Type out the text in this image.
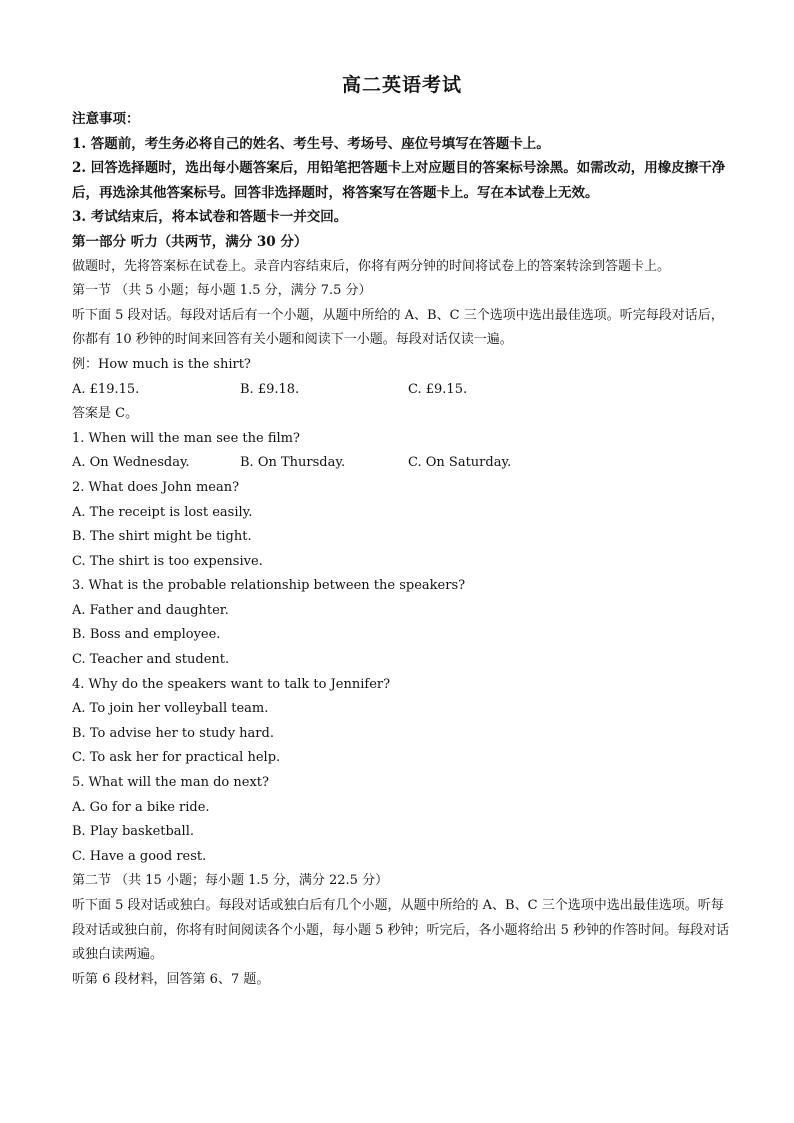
高二英语考试
注意事项：
1. 答题前，考生务必将自己的姓名、考生号、考场号、座位号填写在答题卡上。
2. 回答选择题时，选出每小题答案后，用铅笔把答题卡上对应题目的答案标号涂黑。如需改动，用橡皮擦干净后，再选涂其他答案标号。回答非选择题时，将答案写在答题卡上。写在本试卷上无效。
3. 考试结束后，将本试卷和答题卡一并交回。
第一部分 听力（共两节，满分 30 分）
做题时，先将答案标在试卷上。录音内容结束后，你将有两分钟的时间将试卷上的答案转涂到答题卡上。
第一节 （共 5 小题；每小题 1.5 分，满分 7.5 分）
听下面 5 段对话。每段对话后有一个小题，从题中所给的 A、B、C 三个选项中选出最佳选项。听完每段对话后，你都有 10 秒钟的时间来回答有关小题和阅读下一小题。每段对话仅读一遍。
例：How much is the shirt?
A. £19.15.	B. £9.18.	C. £9.15.
答案是 C。
1. When will the man see the film?
A. On Wednesday.	B. On Thursday.	C. On Saturday.
2. What does John mean?
A. The receipt is lost easily.
B. The shirt might be tight.
C. The shirt is too expensive.
3. What is the probable relationship between the speakers?
A. Father and daughter.
B. Boss and employee.
C. Teacher and student.
4. Why do the speakers want to talk to Jennifer?
A. To join her volleyball team.
B. To advise her to study hard.
C. To ask her for practical help.
5. What will the man do next?
A. Go for a bike ride.
B. Play basketball.
C. Have a good rest.
第二节 （共 15 小题；每小题 1.5 分，满分 22.5 分）
听下面 5 段对话或独白。每段对话或独白后有几个小题，从题中所给的 A、B、C 三个选项中选出最佳选项。听每段对话或独白前，你将有时间阅读各个小题，每小题 5 秒钟；听完后，各小题将给出 5 秒钟的作答时间。每段对话或独白读两遍。
听第 6 段材料，回答第 6、7 题。
